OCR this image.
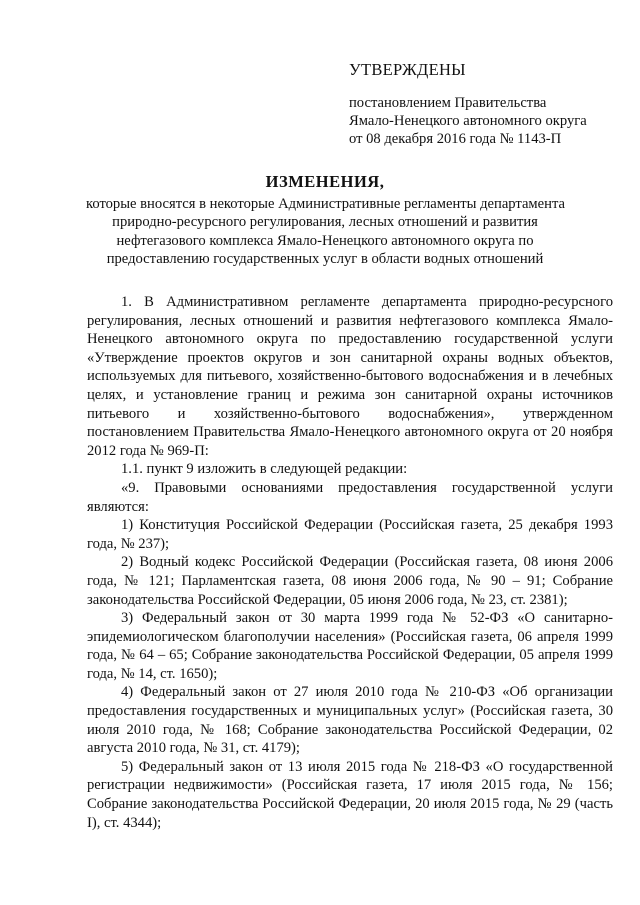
УТВЕРЖДЕНЫ
постановлением Правительства
Ямало-Ненецкого автономного округа
от 08 декабря 2016 года № 1143-П
ИЗМЕНЕНИЯ,
которые вносятся в некоторые Административные регламенты департамента
природно-ресурсного регулирования, лесных отношений и развития
нефтегазового комплекса Ямало-Ненецкого автономного округа по
предоставлению государственных услуг в области водных отношений

1. В Административном регламенте департамента природно-ресурсного регулирования, лесных отношений и развития нефтегазового комплекса Ямало-Ненецкого автономного округа по предоставлению государственной услуги «Утверждение проектов округов и зон санитарной охраны водных объектов, используемых для питьевого, хозяйственно-бытового водоснабжения и в лечебных целях, и установление границ и режима зон санитарной охраны источников питьевого и хозяйственно-бытового водоснабжения», утвержденном постановлением Правительства Ямало-Ненецкого автономного округа от 20 ноября 2012 года № 969-П:

1.1. пункт 9 изложить в следующей редакции:

«9. Правовыми основаниями предоставления государственной услуги являются:

1) Конституция Российской Федерации (Российская газета, 25 декабря 1993 года, № 237);

2) Водный кодекс Российской Федерации (Российская газета, 08 июня 2006 года, № 121; Парламентская газета, 08 июня 2006 года, № 90 – 91; Собрание законодательства Российской Федерации, 05 июня 2006 года, № 23, ст. 2381);

3) Федеральный закон от 30 марта 1999 года № 52-ФЗ «О санитарно-эпидемиологическом благополучии населения» (Российская газета, 06 апреля 1999 года, № 64 – 65; Собрание законодательства Российской Федерации, 05 апреля 1999 года, № 14, ст. 1650);

4) Федеральный закон от 27 июля 2010 года № 210-ФЗ «Об организации предоставления государственных и муниципальных услуг» (Российская газета, 30 июля 2010 года, № 168; Собрание законодательства Российской Федерации, 02 августа 2010 года, № 31, ст. 4179);

5) Федеральный закон от 13 июля 2015 года № 218-ФЗ «О государственной регистрации недвижимости» (Российская газета, 17 июля 2015 года, № 156; Собрание законодательства Российской Федерации, 20 июля 2015 года, № 29 (часть I), ст. 4344);
